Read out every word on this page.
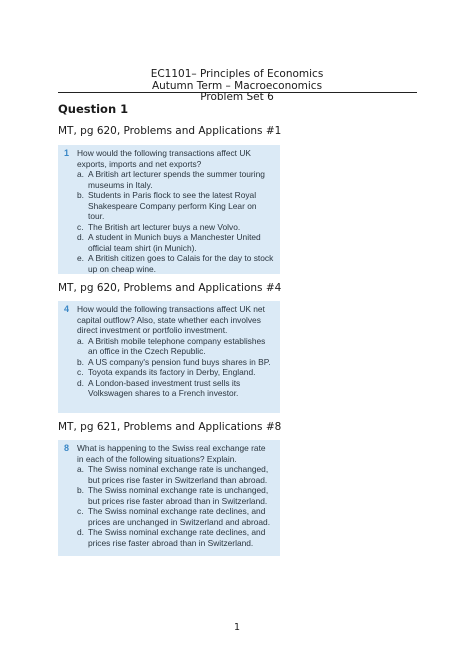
EC1101– Principles of Economics
Autumn Term – Macroeconomics
Problem Set 6
Question 1
MT, pg 620, Problems and Applications #1
1 How would the following transactions affect UK exports, imports and net exports?
a. A British art lecturer spends the summer touring museums in Italy.
b. Students in Paris flock to see the latest Royal Shakespeare Company perform King Lear on tour.
c. The British art lecturer buys a new Volvo.
d. A student in Munich buys a Manchester United official team shirt (in Munich).
e. A British citizen goes to Calais for the day to stock up on cheap wine.
MT, pg 620, Problems and Applications #4
4 How would the following transactions affect UK net capital outflow? Also, state whether each involves direct investment or portfolio investment.
a. A British mobile telephone company establishes an office in the Czech Republic.
b. A US company's pension fund buys shares in BP.
c. Toyota expands its factory in Derby, England.
d. A London-based investment trust sells its Volkswagen shares to a French investor.
MT, pg 621, Problems and Applications #8
8 What is happening to the Swiss real exchange rate in each of the following situations? Explain.
a. The Swiss nominal exchange rate is unchanged, but prices rise faster in Switzerland than abroad.
b. The Swiss nominal exchange rate is unchanged, but prices rise faster abroad than in Switzerland.
c. The Swiss nominal exchange rate declines, and prices are unchanged in Switzerland and abroad.
d. The Swiss nominal exchange rate declines, and prices rise faster abroad than in Switzerland.
1
